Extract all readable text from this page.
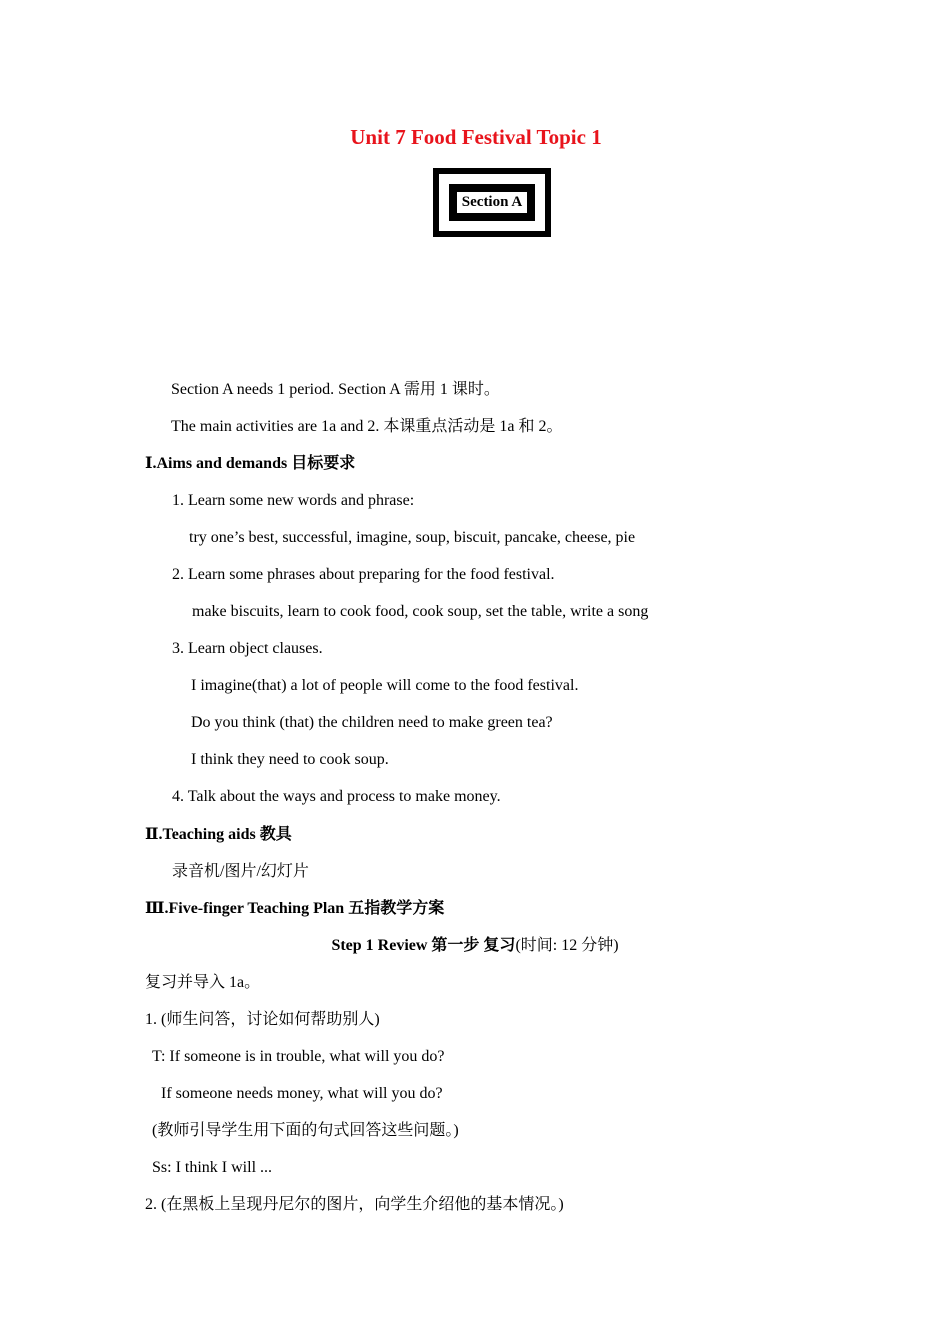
Unit 7 Food Festival Topic 1
Section A
Section A needs 1 period. Section A 需用 1 课时。
The main activities are 1a and 2. 本课重点活动是 1a 和 2。
Ⅰ.Aims and demands 目标要求
1. Learn some new words and phrase:
try one’s best, successful, imagine, soup, biscuit, pancake, cheese, pie
2. Learn some phrases about preparing for the food festival.
make biscuits, learn to cook food, cook soup, set the table, write a song
3. Learn object clauses.
I imagine(that) a lot of people will come to the food festival.
Do you think (that) the children need to make green tea?
I think they need to cook soup.
4. Talk about the ways and process to make money.
Ⅱ.Teaching aids 教具
录音机/图片/幻灯片
Ⅲ.Five-finger Teaching Plan 五指教学方案
Step 1 Review 第一步 复习(时间: 12 分钟)
复习并导入 1a。
1. (师生问答，讨论如何帮助别人)
T: If someone is in trouble, what will you do?
If someone needs money, what will you do?
(教师引导学生用下面的句式回答这些问题。)
Ss: I think I will ...
2. (在黑板上呈现丹尼尔的图片，向学生介绍他的基本情况。)
